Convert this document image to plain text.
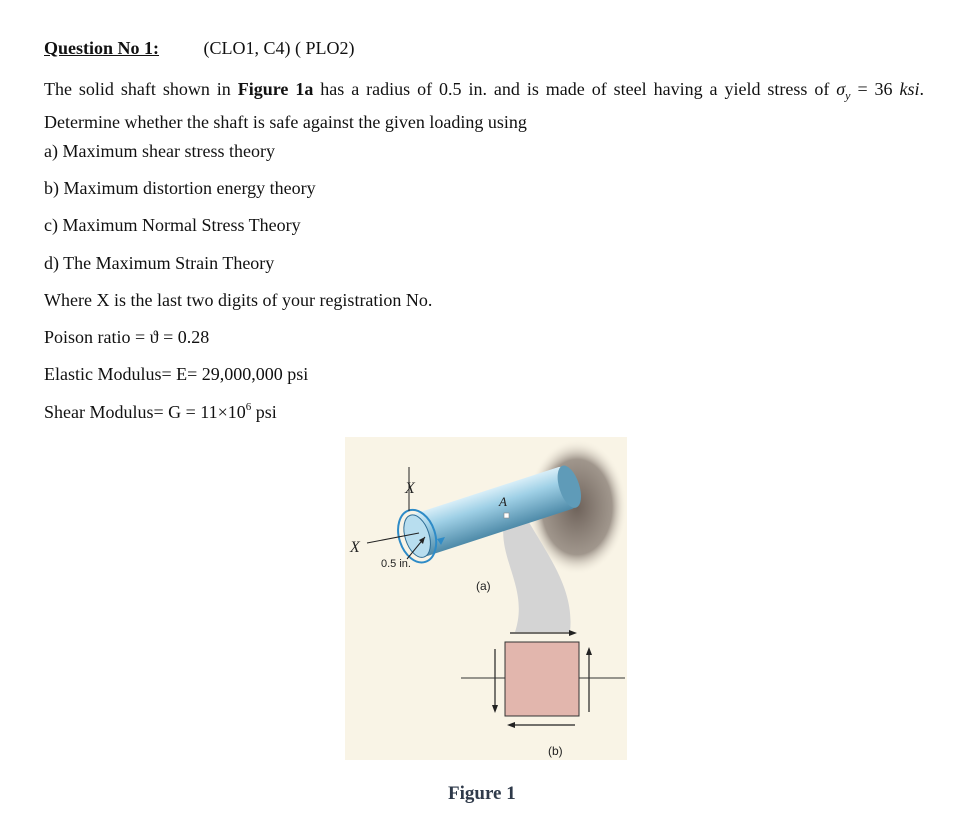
Question No 1: (CLO1, C4) ( PLO2)
The solid shaft shown in Figure 1a has a radius of 0.5 in. and is made of steel having a yield stress of $\sigma_y = 36$ ksi. Determine whether the shaft is safe against the given loading using
a) Maximum shear stress theory
b) Maximum distortion energy theory
c) Maximum Normal Stress Theory
d) The Maximum Strain Theory
Where X is the last two digits of your registration No.
Poison ratio = ϑ = 0.28
Elastic Modulus= E= 29,000,000 psi
Shear Modulus= $G = 11\times 10^6$ psi
A
X
X
0.5 in.
(a)
(b)
Figure 1
